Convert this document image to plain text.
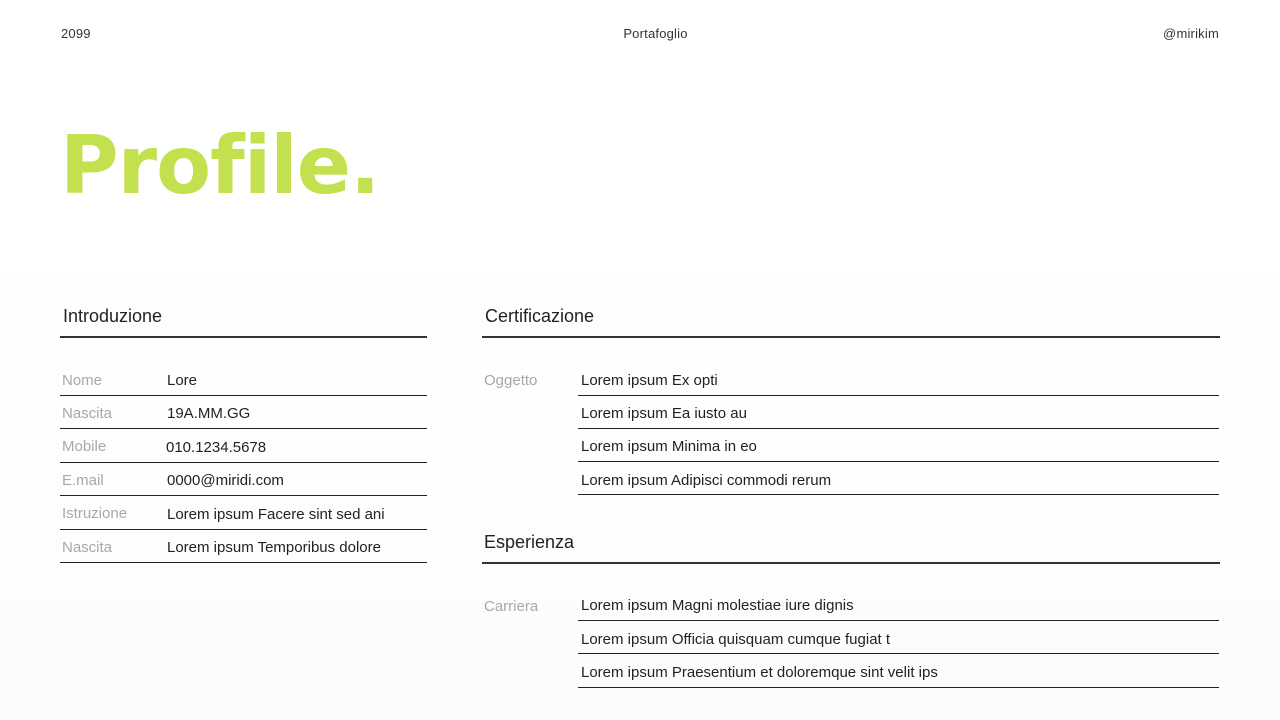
2099	Portafoglio	@mirikim
Profile.
Introduzione
Nome	Lore
Nascita	19A.MM.GG
Mobile	010.1234.5678
E.mail	0000@miridi.com
Istruzione	Lorem ipsum Facere sint sed ani
Nascita	Lorem ipsum Temporibus dolore
Certificazione
Oggetto	Lorem ipsum Ex opti
Lorem ipsum Ea iusto au
Lorem ipsum Minima in eo
Lorem ipsum Adipisci commodi rerum
Esperienza
Carriera	Lorem ipsum Magni molestiae iure dignis
Lorem ipsum Officia quisquam cumque fugiat t
Lorem ipsum Praesentium et doloremque sint velit ips
